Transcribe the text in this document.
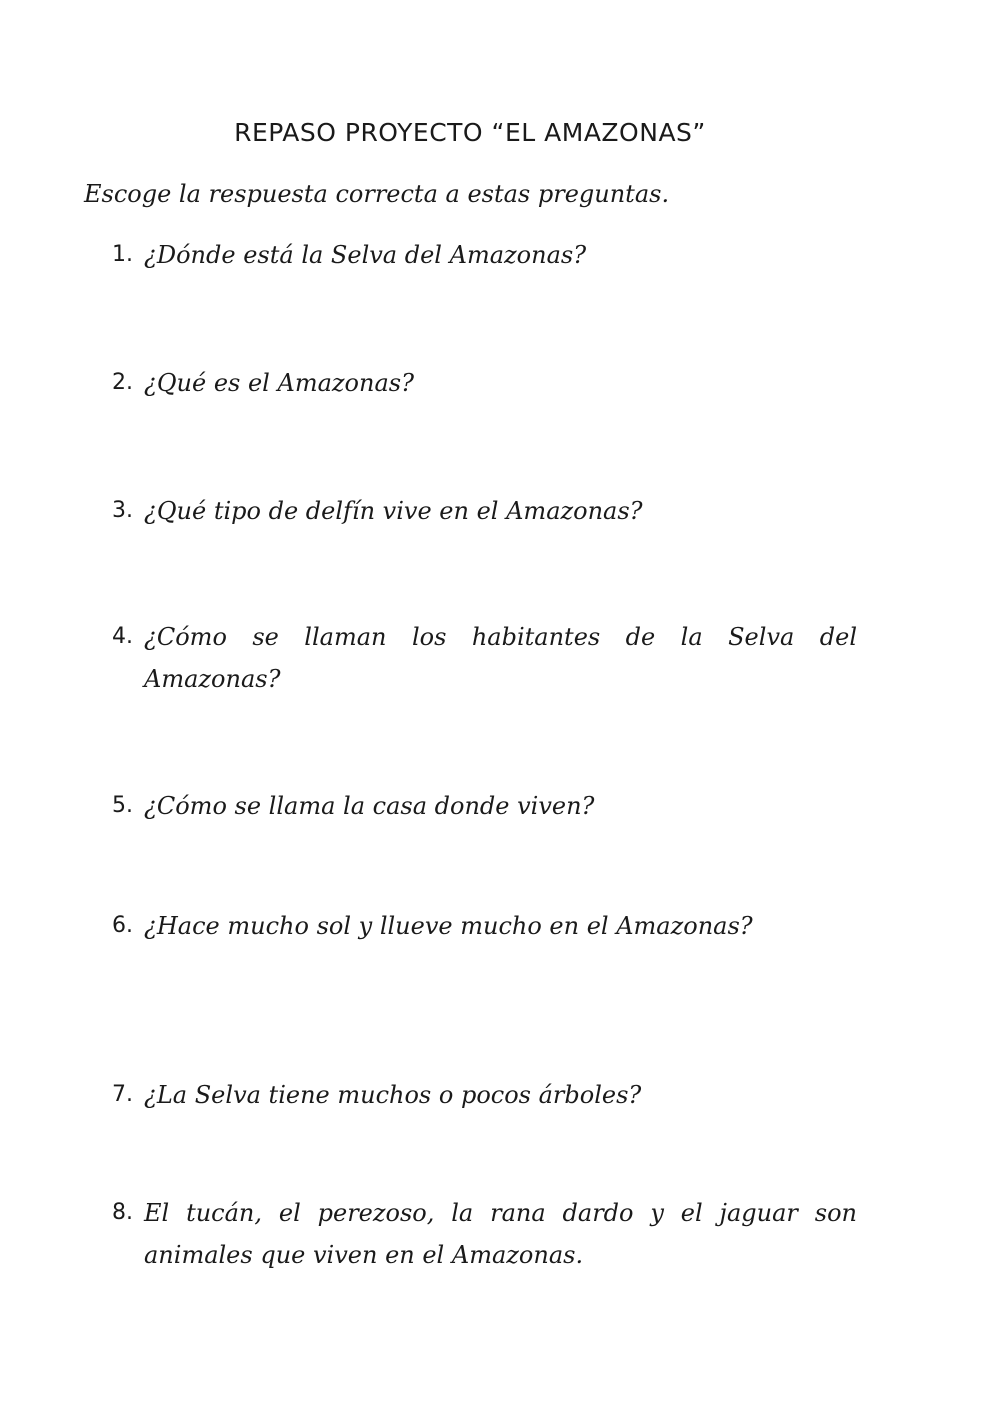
REPASO PROYECTO “EL AMAZONAS”
Escoge la respuesta correcta a estas preguntas.
1. ¿Dónde está la Selva del Amazonas?
2. ¿Qué es el Amazonas?
3. ¿Qué tipo de delfín vive en el Amazonas?
4. ¿Cómo se llaman los habitantes de la Selva del Amazonas?
5. ¿Cómo se llama la casa donde viven?
6. ¿Hace mucho sol y llueve mucho en el Amazonas?
7. ¿La Selva tiene muchos o pocos árboles?
8. El tucán, el perezoso, la rana dardo y el jaguar son animales que viven en el Amazonas.
